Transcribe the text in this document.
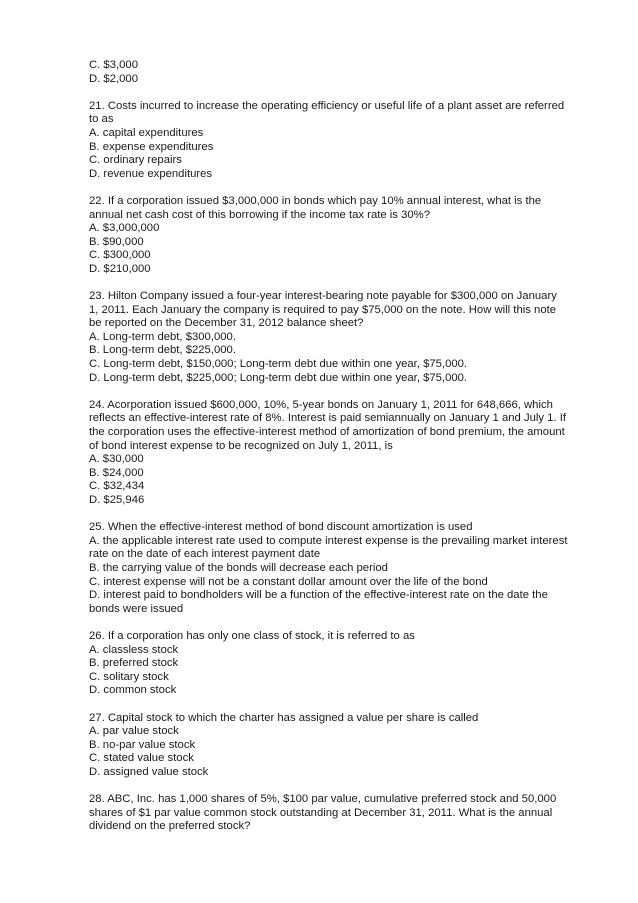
C. $3,000
D. $2,000
21. Costs incurred to increase the operating efficiency or useful life of a plant asset are referred
to as
A. capital expenditures
B. expense expenditures
C. ordinary repairs
D. revenue expenditures
22. If a corporation issued $3,000,000 in bonds which pay 10% annual interest, what is the
annual net cash cost of this borrowing if the income tax rate is 30%?
A. $3,000,000
B. $90,000
C. $300,000
D. $210,000
23. Hilton Company issued a four-year interest-bearing note payable for $300,000 on January
1, 2011. Each January the company is required to pay $75,000 on the note. How will this note
be reported on the December 31, 2012 balance sheet?
A. Long-term debt, $300,000.
B. Long-term debt, $225,000.
C. Long-term debt, $150,000; Long-term debt due within one year, $75,000.
D. Long-term debt, $225,000; Long-term debt due within one year, $75,000.
24. Acorporation issued $600,000, 10%, 5-year bonds on January 1, 2011 for 648,666, which
reflects an effective-interest rate of 8%. Interest is paid semiannually on January 1 and July 1. If
the corporation uses the effective-interest method of amortization of bond premium, the amount
of bond interest expense to be recognized on July 1, 2011, is
A. $30,000
B. $24,000
C. $32,434
D. $25,946
25. When the effective-interest method of bond discount amortization is used
A. the applicable interest rate used to compute interest expense is the prevailing market interest
rate on the date of each interest payment date
B. the carrying value of the bonds will decrease each period
C. interest expense will not be a constant dollar amount over the life of the bond
D. interest paid to bondholders will be a function of the effective-interest rate on the date the
bonds were issued
26. If a corporation has only one class of stock, it is referred to as
A. classless stock
B. preferred stock
C. solitary stock
D. common stock
27. Capital stock to which the charter has assigned a value per share is called
A. par value stock
B. no-par value stock
C. stated value stock
D. assigned value stock
28. ABC, Inc. has 1,000 shares of 5%, $100 par value, cumulative preferred stock and 50,000
shares of $1 par value common stock outstanding at December 31, 2011. What is the annual
dividend on the preferred stock?
